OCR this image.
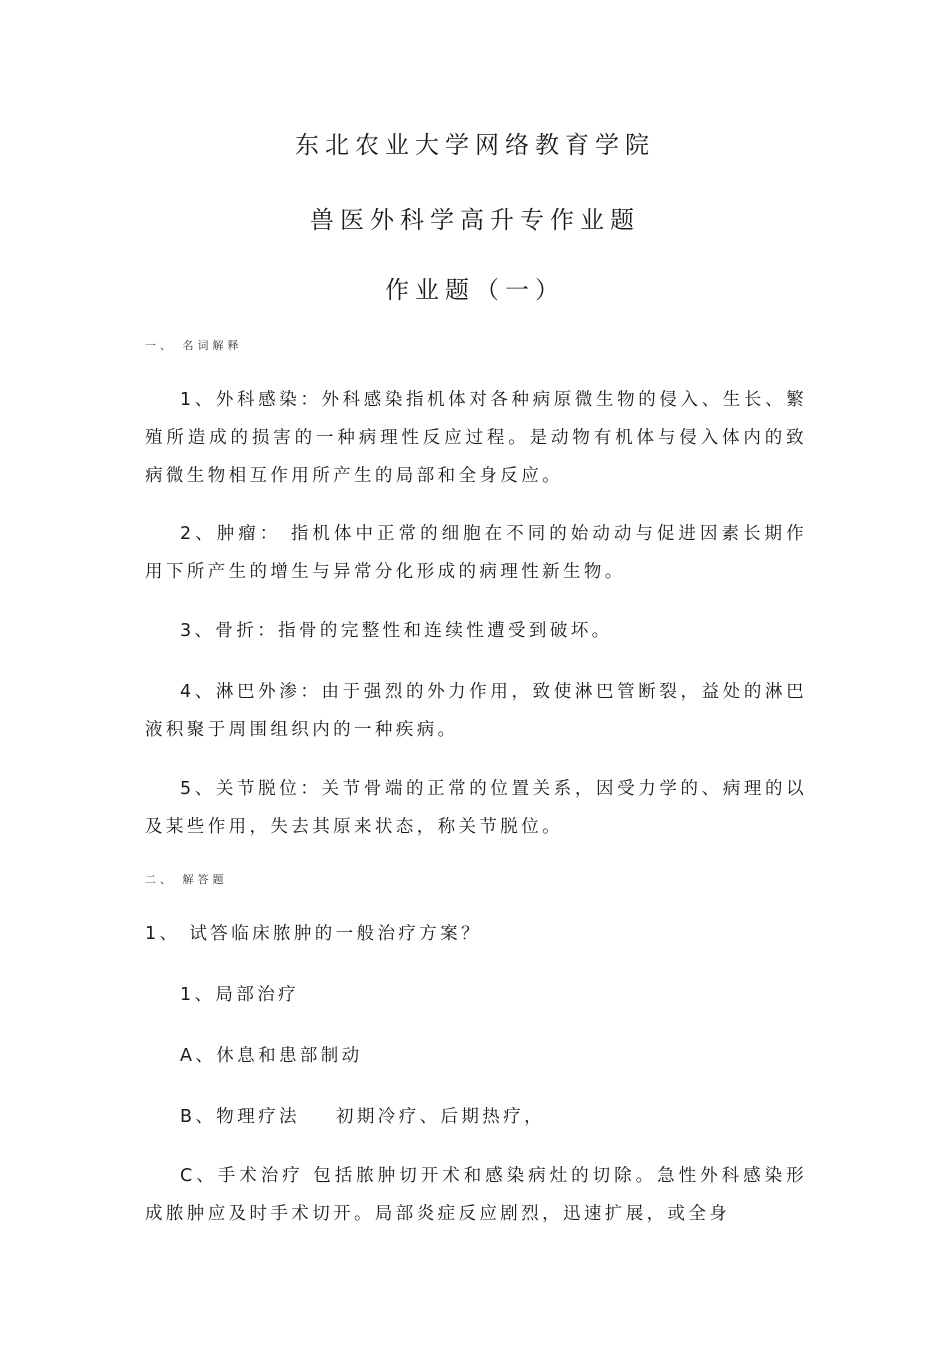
东北农业大学网络教育学院
兽医外科学高升专作业题
作业题（一）
一、 名词解释

1、外科感染：外科感染指机体对各种病原微生物的侵入、生长、繁殖所造成的损害的一种病理性反应过程。是动物有机体与侵入体内的致病微生物相互作用所产生的局部和全身反应。

2、肿瘤： 指机体中正常的细胞在不同的始动动与促进因素长期作用下所产生的增生与异常分化形成的病理性新生物。

3、骨折：指骨的完整性和连续性遭受到破坏。

4、淋巴外渗：由于强烈的外力作用，致使淋巴管断裂，益处的淋巴液积聚于周围组织内的一种疾病。

5、关节脱位：关节骨端的正常的位置关系，因受力学的、病理的以及某些作用，失去其原来状态，称关节脱位。

二、 解答题
1、 试答临床脓肿的一般治疗方案？
1、局部治疗
A、休息和患部制动
B、物理疗法 初期冷疗、后期热疗，

C、手术治疗 包括脓肿切开术和感染病灶的切除。急性外科感染形成脓肿应及时手术切开。局部炎症反应剧烈，迅速扩展，或全身
